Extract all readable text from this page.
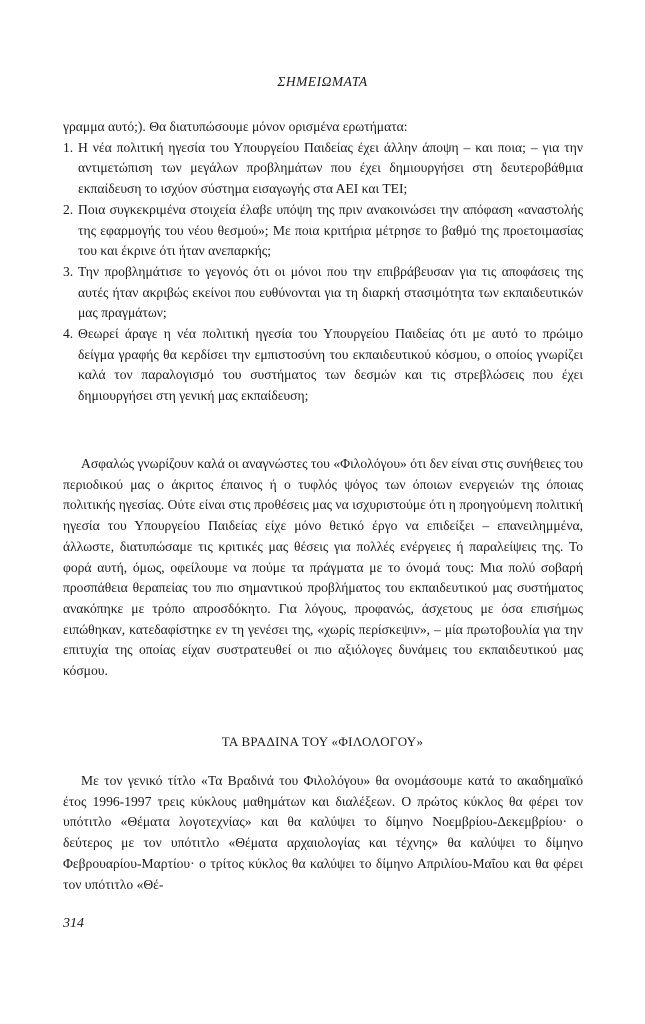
ΣΗΜΕΙΩΜΑΤΑ
γραμμα αυτό;). Θα διατυπώσουμε μόνον ορισμένα ερωτήματα:
1. Η νέα πολιτική ηγεσία του Υπουργείου Παιδείας έχει άλλην άποψη – και ποια; – για την αντιμετώπιση των μεγάλων προβλημάτων που έχει δημιουργήσει στη δευτεροβάθμια εκπαίδευση το ισχύον σύστημα εισαγωγής στα ΑΕΙ και ΤΕΙ;
2. Ποια συγκεκριμένα στοιχεία έλαβε υπόψη της πριν ανακοινώσει την απόφαση «αναστολής της εφαρμογής του νέου θεσμού»; Με ποια κριτήρια μέτρησε το βαθμό της προετοιμασίας του και έκρινε ότι ήταν ανεπαρκής;
3. Την προβλημάτισε το γεγονός ότι οι μόνοι που την επιβράβευσαν για τις αποφάσεις της αυτές ήταν ακριβώς εκείνοι που ευθύνονται για τη διαρκή στασιμότητα των εκπαιδευτικών μας πραγμάτων;
4. Θεωρεί άραγε η νέα πολιτική ηγεσία του Υπουργείου Παιδείας ότι με αυτό το πρώιμο δείγμα γραφής θα κερδίσει την εμπιστοσύνη του εκπαιδευτικού κόσμου, ο οποίος γνωρίζει καλά τον παραλογισμό του συστήματος των δεσμών και τις στρεβλώσεις που έχει δημιουργήσει στη γενική μας εκπαίδευση;
Ασφαλώς γνωρίζουν καλά οι αναγνώστες του «Φιλολόγου» ότι δεν είναι στις συνήθειες του περιοδικού μας ο άκριτος έπαινος ή ο τυφλός ψόγος των όποιων ενεργειών της όποιας πολιτικής ηγεσίας. Ούτε είναι στις προθέσεις μας να ισχυριστούμε ότι η προηγούμενη πολιτική ηγεσία του Υπουργείου Παιδείας είχε μόνο θετικό έργο να επιδείξει – επανειλημμένα, άλλωστε, διατυπώσαμε τις κριτικές μας θέσεις για πολλές ενέργειες ή παραλείψεις της. Το φορά αυτή, όμως, οφείλουμε να πούμε τα πράγματα με το όνομά τους: Μια πολύ σοβαρή προσπάθεια θεραπείας του πιο σημαντικού προβλήματος του εκπαιδευτικού μας συστήματος ανακόπηκε με τρόπο απροσδόκητο. Για λόγους, προφανώς, άσχετους με όσα επισήμως ειπώθηκαν, κατεδαφίστηκε εν τη γενέσει της, «χωρίς περίσκεψιν», – μία πρωτοβουλία για την επιτυχία της οποίας είχαν συστρατευθεί οι πιο αξιόλογες δυνάμεις του εκπαιδευτικού μας κόσμου.
ΤΑ ΒΡΑΔΙΝΑ ΤΟΥ «ΦΙΛΟΛΟΓΟΥ»
Με τον γενικό τίτλο «Τα Βραδινά του Φιλολόγου» θα ονομάσουμε κατά το ακαδημαϊκό έτος 1996-1997 τρεις κύκλους μαθημάτων και διαλέξεων. Ο πρώτος κύκλος θα φέρει τον υπότιτλο «Θέματα λογοτεχνίας» και θα καλύψει το δίμηνο Νοεμβρίου-Δεκεμβρίου· ο δεύτερος με τον υπότιτλο «Θέματα αρχαιολογίας και τέχνης» θα καλύψει το δίμηνο Φεβρουαρίου-Μαρτίου· ο τρίτος κύκλος θα καλύψει το δίμηνο Απριλίου-Μαΐου και θα φέρει τον υπότιτλο «Θέ-
314
